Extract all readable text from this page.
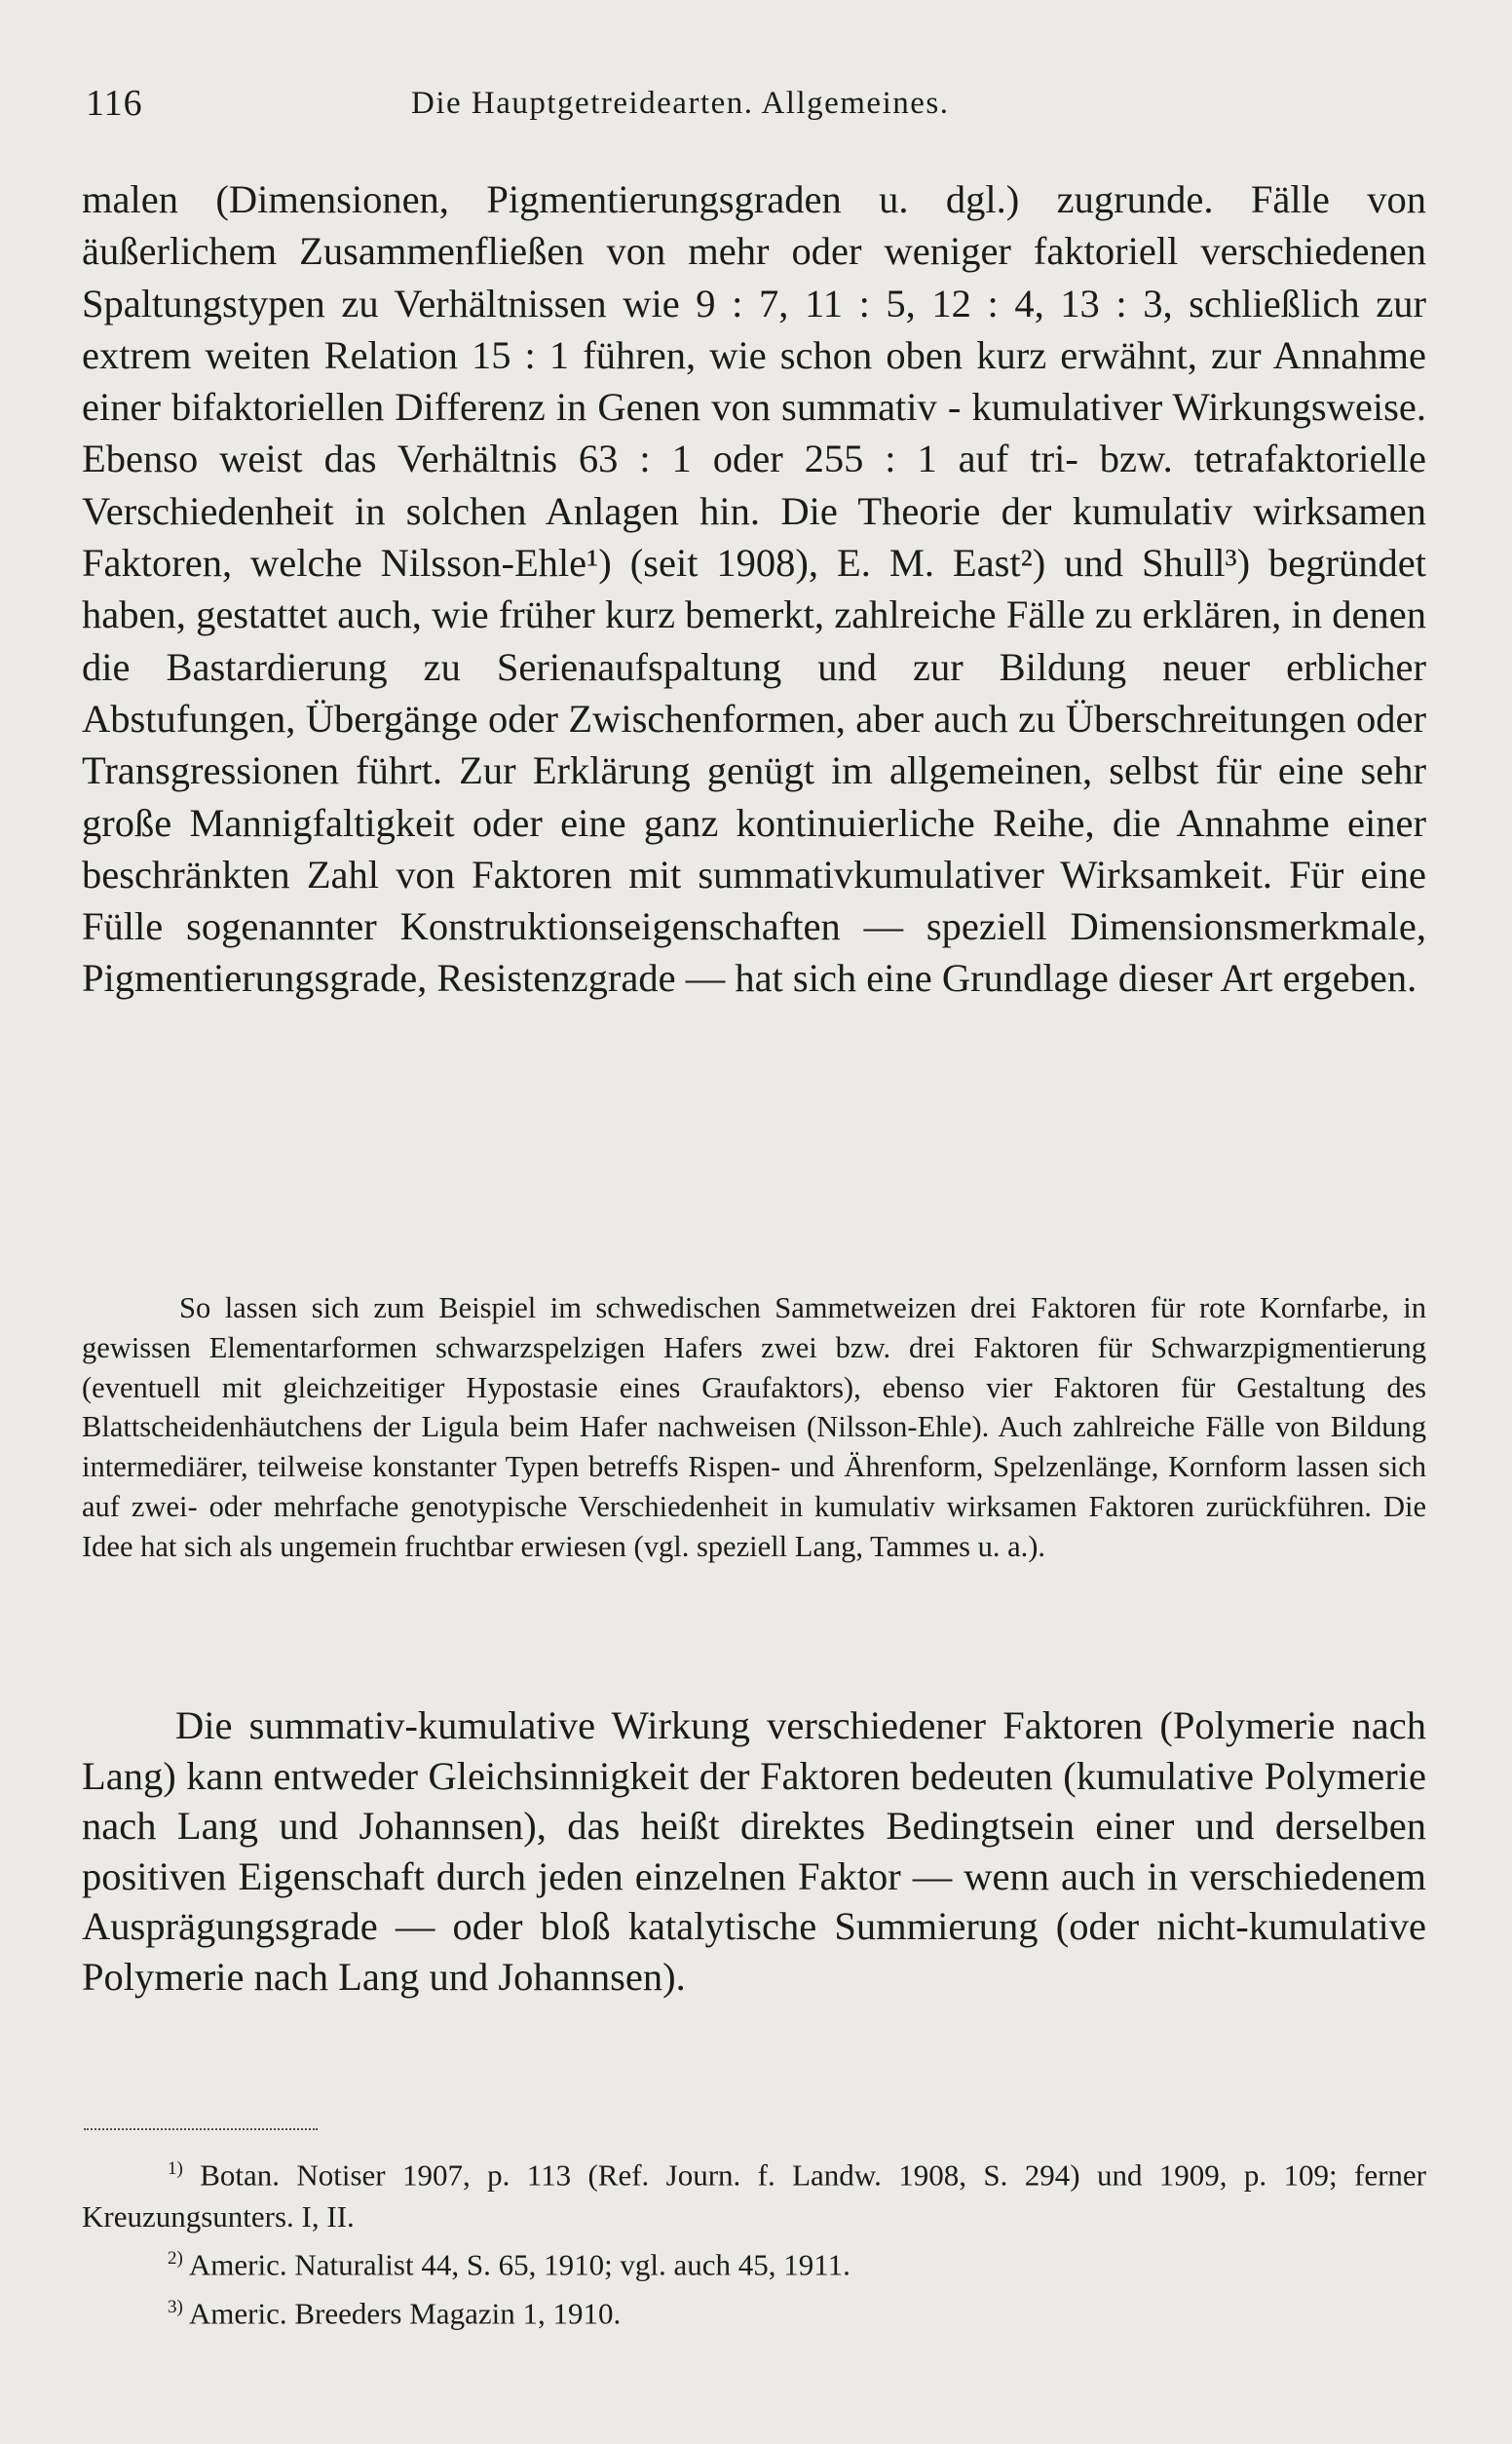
116	Die Hauptgetreidearten. Allgemeines.

malen (Dimensionen, Pigmentierungsgraden u. dgl.) zugrunde. Fälle von äußerlichem Zusammenfließen von mehr oder weniger faktoriell verschiedenen Spaltungstypen zu Verhältnissen wie 9 : 7, 11 : 5, 12 : 4, 13 : 3, schließlich zur extrem weiten Relation 15 : 1 führen, wie schon oben kurz erwähnt, zur Annahme einer bifaktoriellen Differenz in Genen von summativ - kumulativer Wirkungsweise. Ebenso weist das Verhältnis 63 : 1 oder 255 : 1 auf tri- bzw. tetrafaktorielle Verschiedenheit in solchen Anlagen hin. Die Theorie der kumulativ wirksamen Faktoren, welche Nilsson-Ehle¹) (seit 1908), E. M. East²) und Shull³) begründet haben, gestattet auch, wie früher kurz bemerkt, zahlreiche Fälle zu erklären, in denen die Bastardierung zu Serienaufspaltung und zur Bildung neuer erblicher Abstufungen, Übergänge oder Zwischenformen, aber auch zu Überschreitungen oder Transgressionen führt. Zur Erklärung genügt im allgemeinen, selbst für eine sehr große Mannigfaltigkeit oder eine ganz kontinuierliche Reihe, die Annahme einer beschränkten Zahl von Faktoren mit summativkumulativer Wirksamkeit. Für eine Fülle sogenannter Konstruktionseigenschaften — speziell Dimensionsmerkmale, Pigmentierungsgrade, Resistenzgrade — hat sich eine Grundlage dieser Art ergeben.

So lassen sich zum Beispiel im schwedischen Sammetweizen drei Faktoren für rote Kornfarbe, in gewissen Elementarformen schwarzspelzigen Hafers zwei bzw. drei Faktoren für Schwarzpigmentierung (eventuell mit gleichzeitiger Hypostasie eines Graufaktors), ebenso vier Faktoren für Gestaltung des Blattscheidenhäutchens der Ligula beim Hafer nachweisen (Nilsson-Ehle). Auch zahlreiche Fälle von Bildung intermediärer, teilweise konstanter Typen betreffs Rispen- und Ährenform, Spelzenlänge, Kornform lassen sich auf zwei- oder mehrfache genotypische Verschiedenheit in kumulativ wirksamen Faktoren zurückführen. Die Idee hat sich als ungemein fruchtbar erwiesen (vgl. speziell Lang, Tammes u. a.).

Die summativ-kumulative Wirkung verschiedener Faktoren (Polymerie nach Lang) kann entweder Gleichsinnigkeit der Faktoren bedeuten (kumulative Polymerie nach Lang und Johannsen), das heißt direktes Bedingtsein einer und derselben positiven Eigenschaft durch jeden einzelnen Faktor — wenn auch in verschiedenem Ausprägungsgrade — oder bloß katalytische Summierung (oder nicht-kumulative Polymerie nach Lang und Johannsen).

$^{1)}$ Botan. Notiser 1907, p. 113 (Ref. Journ. f. Landw. 1908, S. 294) und 1909, p. 109; ferner Kreuzungsunters. I, II.

$^{2)}$ Americ. Naturalist 44, S. 65, 1910; vgl. auch 45, 1911.

$^{3)}$ Americ. Breeders Magazin 1, 1910.
